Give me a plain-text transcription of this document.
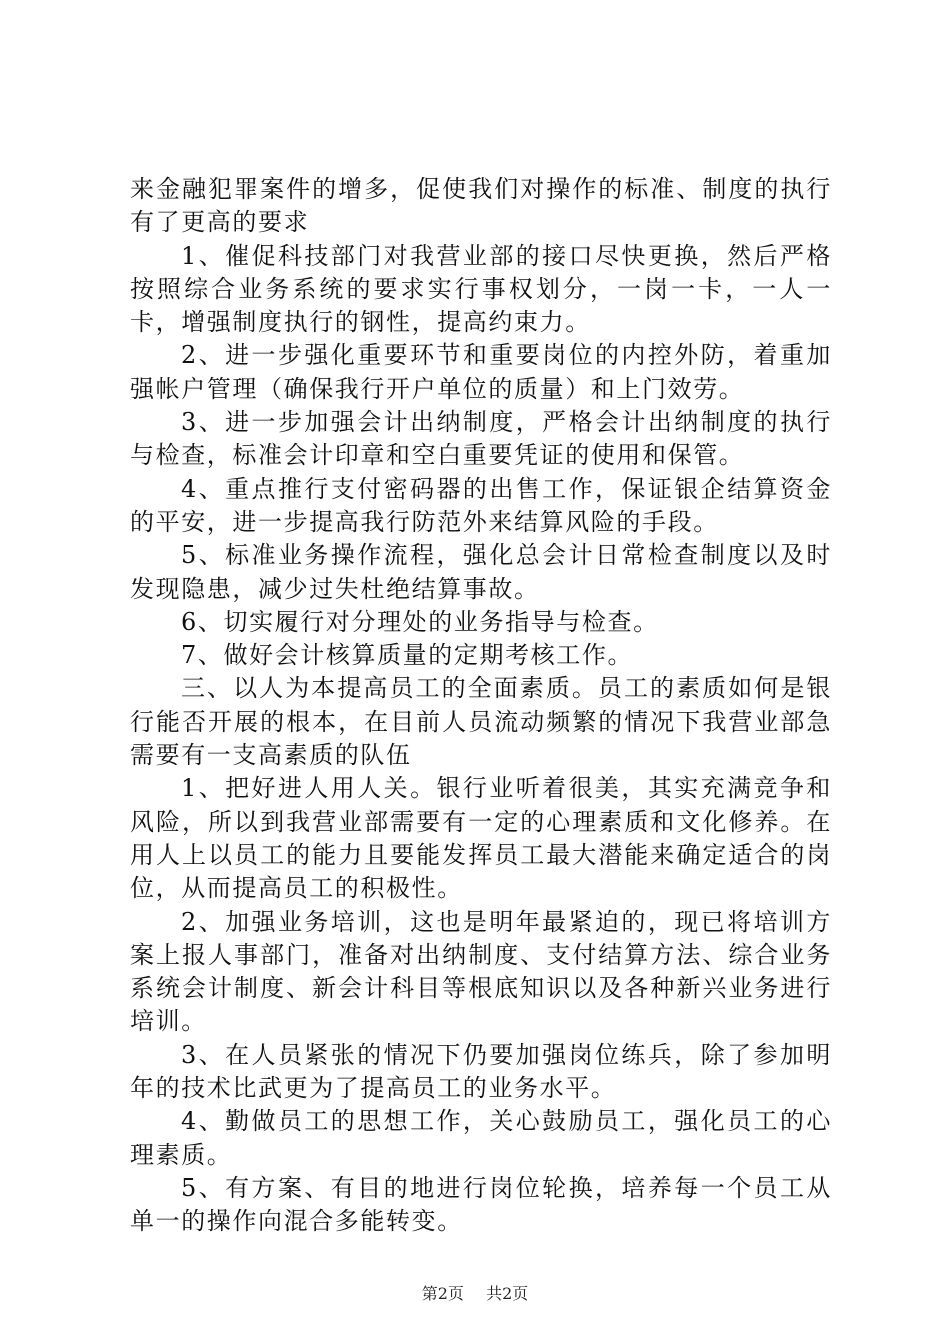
来金融犯罪案件的增多，促使我们对操作的标准、制度的执行有了更高的要求

1、催促科技部门对我营业部的接口尽快更换，然后严格按照综合业务系统的要求实行事权划分，一岗一卡，一人一卡，增强制度执行的钢性，提高约束力。

2、进一步强化重要环节和重要岗位的内控外防，着重加强帐户管理（确保我行开户单位的质量）和上门效劳。

3、进一步加强会计出纳制度，严格会计出纳制度的执行与检查，标准会计印章和空白重要凭证的使用和保管。

4、重点推行支付密码器的出售工作，保证银企结算资金的平安，进一步提高我行防范外来结算风险的手段。

5、标准业务操作流程，强化总会计日常检查制度以及时发现隐患，减少过失杜绝结算事故。

6、切实履行对分理处的业务指导与检查。

7、做好会计核算质量的定期考核工作。

三、以人为本提高员工的全面素质。员工的素质如何是银行能否开展的根本，在目前人员流动频繁的情况下我营业部急需要有一支高素质的队伍

1、把好进人用人关。银行业听着很美，其实充满竞争和风险，所以到我营业部需要有一定的心理素质和文化修养。在用人上以员工的能力且要能发挥员工最大潜能来确定适合的岗位，从而提高员工的积极性。

2、加强业务培训，这也是明年最紧迫的，现已将培训方案上报人事部门，准备对出纳制度、支付结算方法、综合业务系统会计制度、新会计科目等根底知识以及各种新兴业务进行培训。

3、在人员紧张的情况下仍要加强岗位练兵，除了参加明年的技术比武更为了提高员工的业务水平。

4、勤做员工的思想工作，关心鼓励员工，强化员工的心理素质。

5、有方案、有目的地进行岗位轮换，培养每一个员工从单一的操作向混合多能转变。

第2页 共2页
